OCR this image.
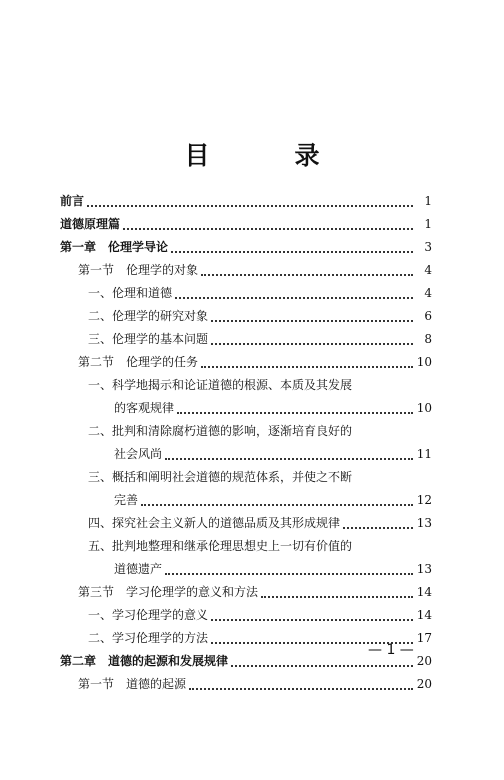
目　录
前言	1
道德原理篇	1
第一章　伦理学导论	3
第一节　伦理学的对象	4
一、伦理和道德	4
二、伦理学的研究对象	6
三、伦理学的基本问题	8
第二节　伦理学的任务	10
一、科学地揭示和论证道德的根源、本质及其发展
的客观规律	10
二、批判和清除腐朽道德的影响，逐渐培育良好的
社会风尚	11
三、概括和阐明社会道德的规范体系，并使之不断
完善	12
四、探究社会主义新人的道德品质及其形成规律	13
五、批判地整理和继承伦理思想史上一切有价值的
道德遗产	13
第三节　学习伦理学的意义和方法	14
一、学习伦理学的意义	14
二、学习伦理学的方法	17
第二章　道德的起源和发展规律	20
第一节　道德的起源	20
— 1 —
